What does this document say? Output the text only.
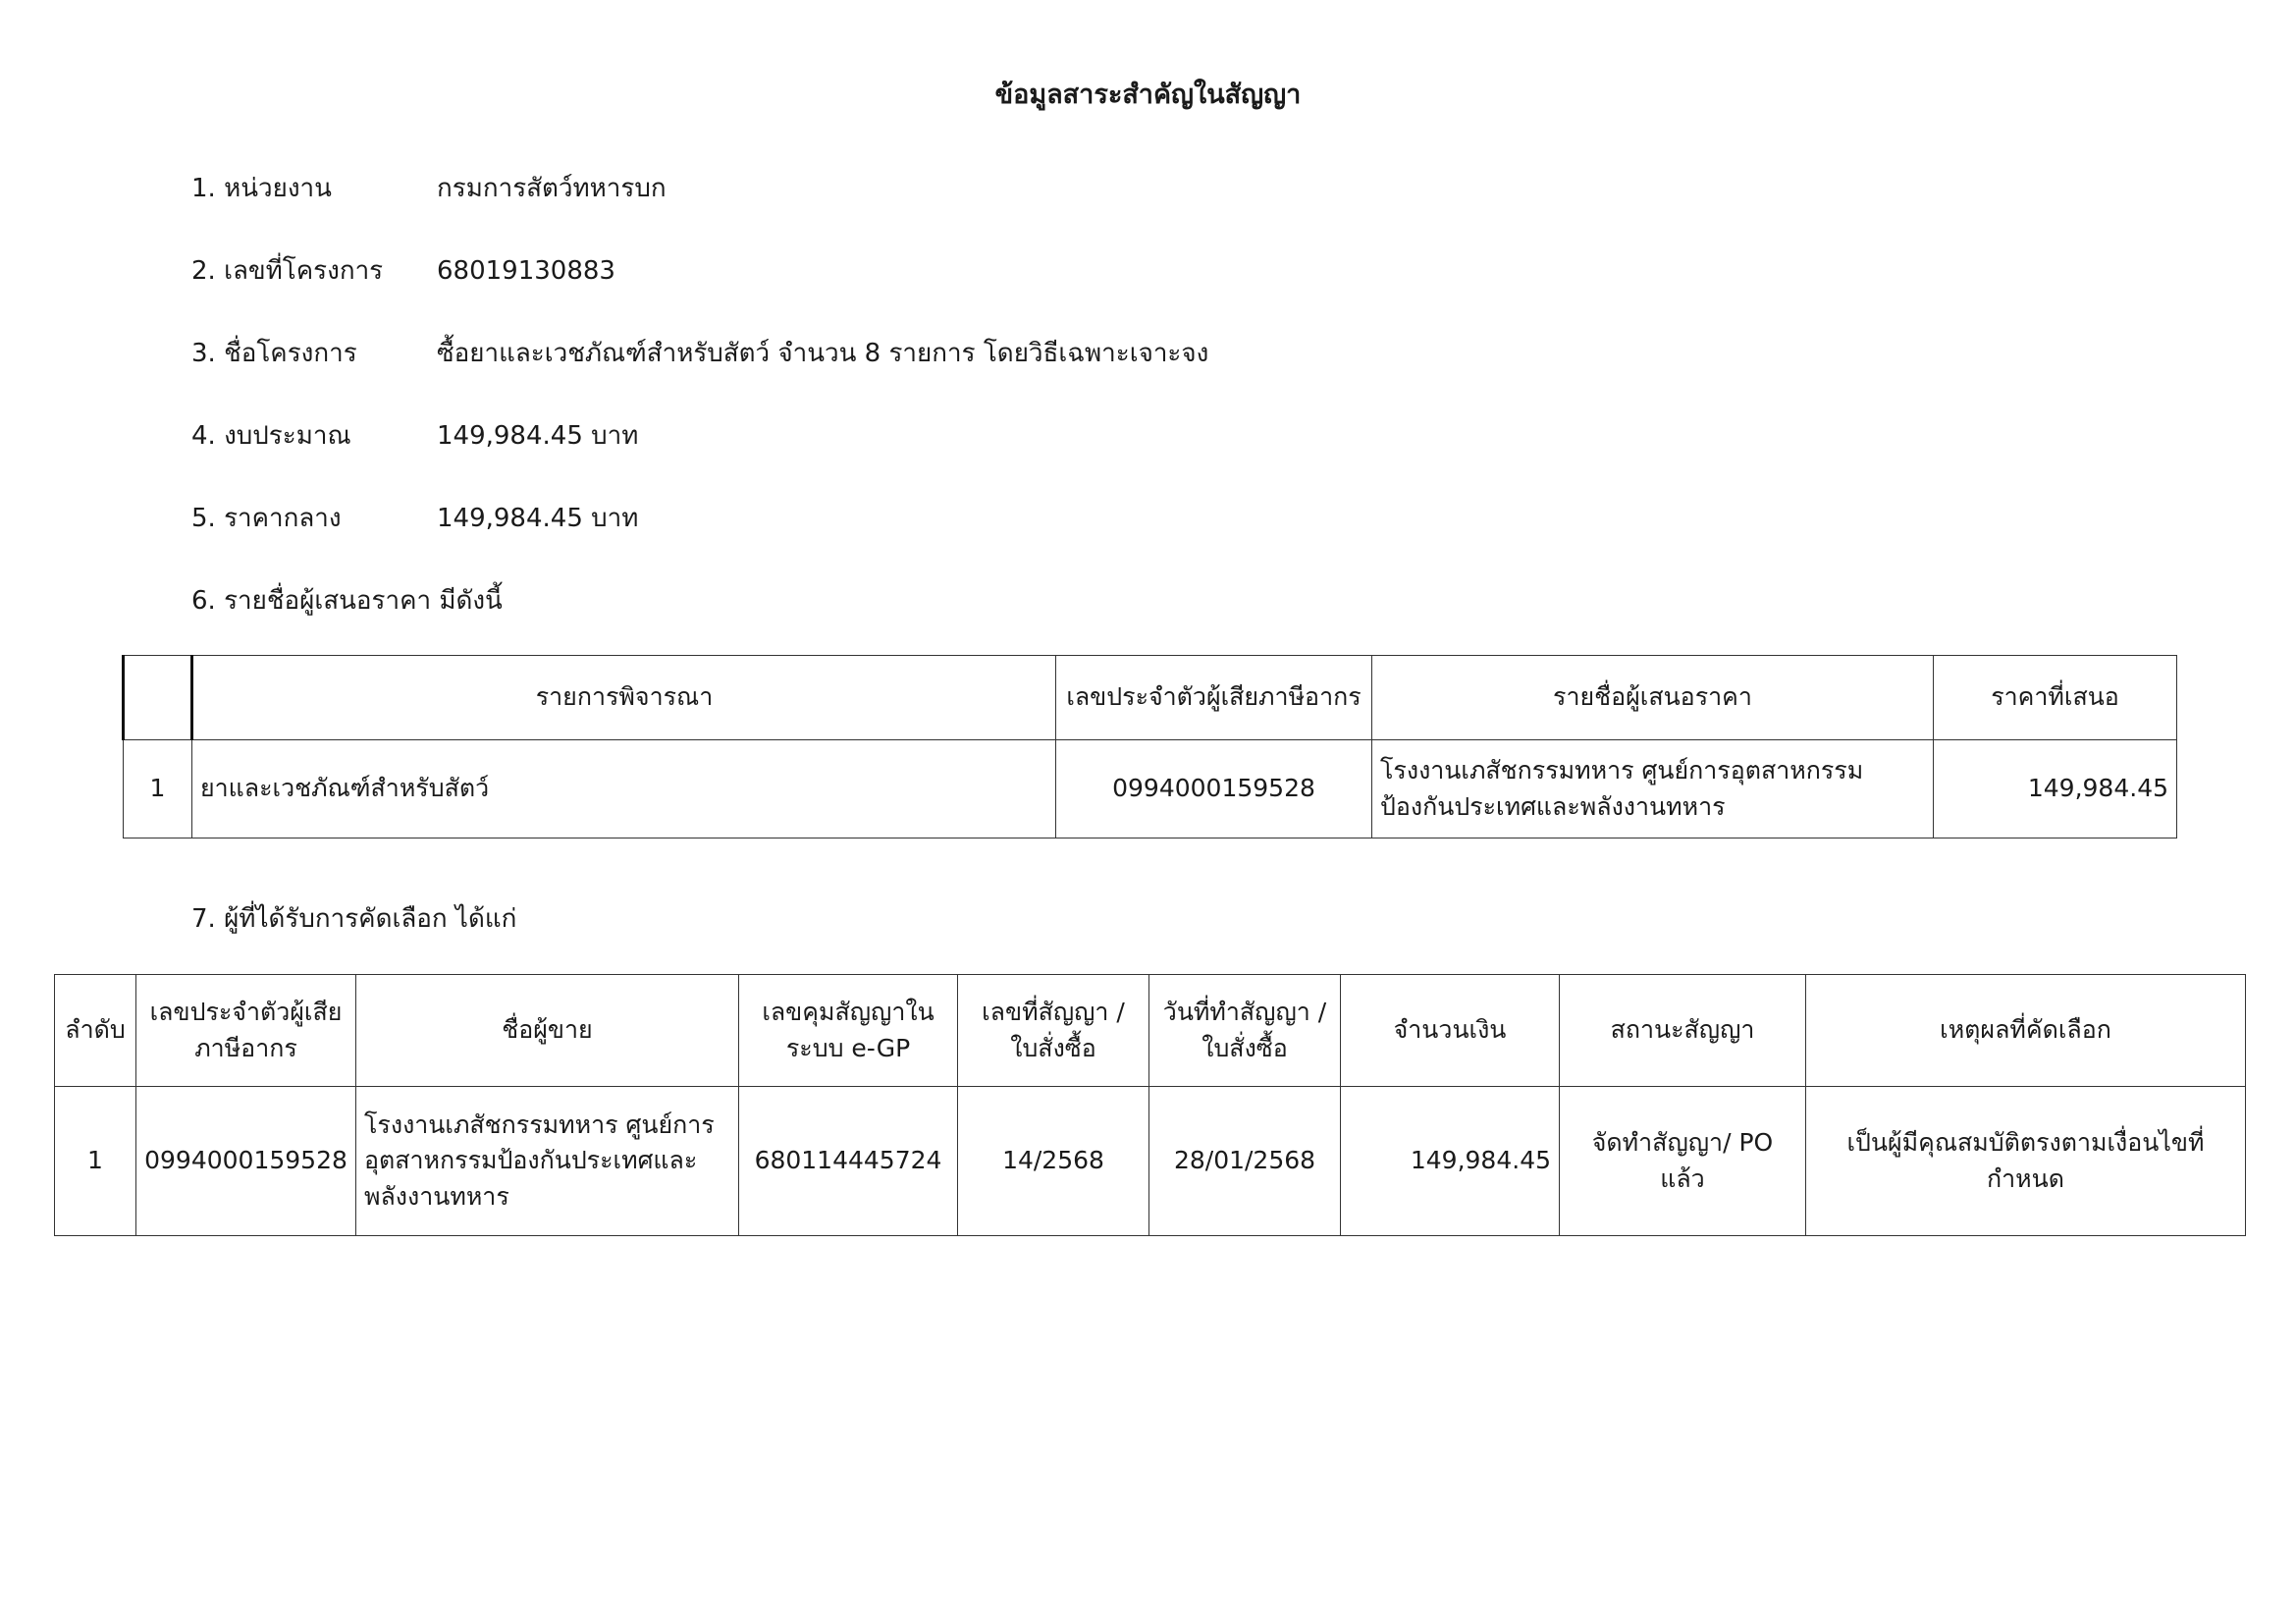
ข้อมูลสาระสำคัญในสัญญา
1. หน่วยงาน	กรมการสัตว์ทหารบก
2. เลขที่โครงการ 68019130883
3. ชื่อโครงการ	ซื้อยาและเวชภัณฑ์สำหรับสัตว์ จำนวน 8 รายการ โดยวิธีเฉพาะเจาะจง
4. งบประมาณ	149,984.45 บาท
5. ราคากลาง	149,984.45 บาท
6. รายชื่อผู้เสนอราคา มีดังนี้
	รายการพิจารณา	เลขประจำตัวผู้เสียภาษีอากร	รายชื่อผู้เสนอราคา	ราคาที่เสนอ
1	ยาและเวชภัณฑ์สำหรับสัตว์	0994000159528	โรงงานเภสัชกรรมทหาร ศูนย์การอุตสาหกรรมป้องกันประเทศและพลังงานทหาร	149,984.45
7. ผู้ที่ได้รับการคัดเลือก ได้แก่
ลำดับ	เลขประจำตัวผู้เสียภาษีอากร	ชื่อผู้ขาย	เลขคุมสัญญาในระบบ e-GP	เลขที่สัญญา / ใบสั่งซื้อ	วันที่ทำสัญญา / ใบสั่งซื้อ	จำนวนเงิน	สถานะสัญญา	เหตุผลที่คัดเลือก
1	0994000159528	โรงงานเภสัชกรรมทหาร ศูนย์การอุตสาหกรรมป้องกันประเทศและพลังงานทหาร	680114445724	14/2568	28/01/2568	149,984.45	จัดทำสัญญา/ PO แล้ว	เป็นผู้มีคุณสมบัติตรงตามเงื่อนไขที่กำหนด
